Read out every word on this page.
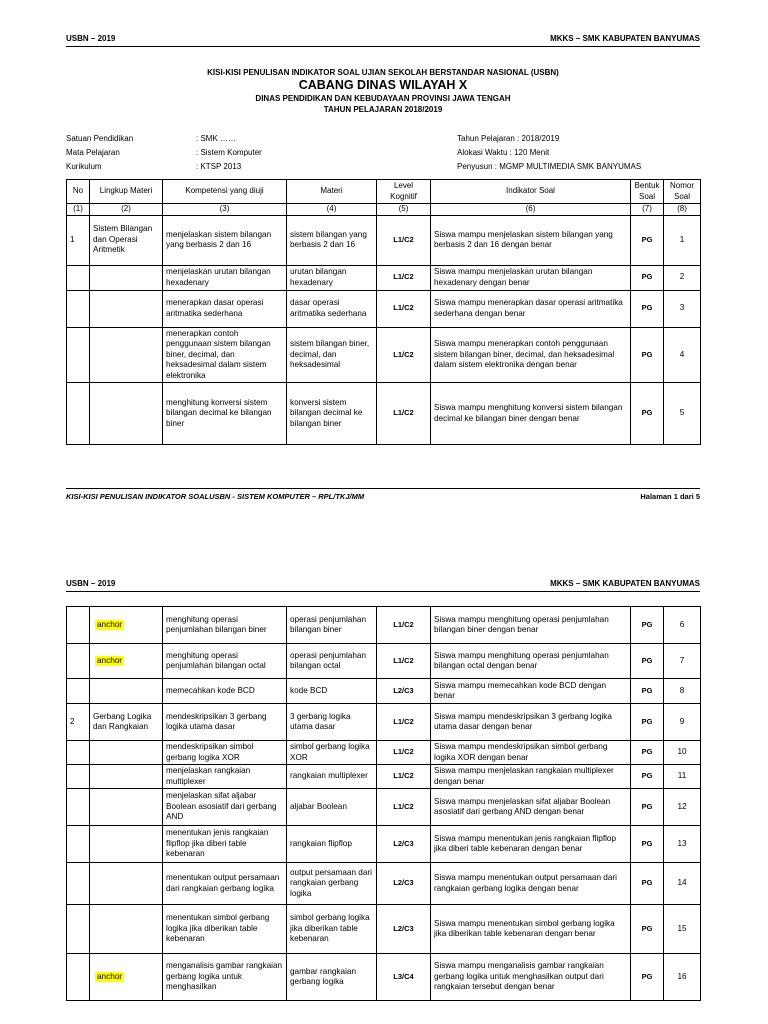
USBN – 2019	MKKS – SMK KABUPATEN BANYUMAS
KISI-KISI PENULISAN INDIKATOR SOAL UJIAN SEKOLAH BERSTANDAR NASIONAL (USBN)
CABANG DINAS WILAYAH X
DINAS PENDIDIKAN DAN KEBUDAYAAN PROVINSI JAWA TENGAH
TAHUN PELAJARAN 2018/2019
Satuan Pendidikan	: SMK ……
Mata Pelajaran	: Sistem Komputer
Kurikulum	: KTSP 2013
Tahun Pelajaran : 2018/2019
Alokasi Waktu : 120 Menit
Penyusun : MGMP MULTIMEDIA SMK BANYUMAS
No	Lingkup Materi	Kompetensi yang diuji	Materi	Level Kognitif	Indikator Soal	Bentuk Soal	Nomor Soal
(1)	(2)	(3)	(4)	(5)	(6)	(7)	(8)
1	Sistem Bilangan dan Operasi Aritmetik	menjelaskan sistem bilangan yang berbasis 2 dan 16	sistem bilangan yang berbasis 2 dan 16	L1/C2	Siswa mampu menjelaskan sistem bilangan yang berbasis 2 dan 16 dengan benar	PG	1
		menjelaskan urutan bilangan hexadenary	urutan bilangan hexadenary	L1/C2	Siswa mampu menjelaskan urutan bilangan hexadenary dengan benar	PG	2
		menerapkan dasar operasi aritmatika sederhana	dasar operasi aritmatika sederhana	L1/C2	Siswa mampu menerapkan dasar operasi aritmatika sederhana dengan benar	PG	3
		menerapkan contoh penggunaan sistem bilangan biner, decimal, dan heksadesimal dalam sistem elektronika	sistem bilangan biner, decimal, dan heksadesimal	L1/C2	Siswa mampu menerapkan contoh penggunaan sistem bilangan biner, decimal, dan heksadesimal dalam sistem elektronika dengan benar	PG	4
		menghitung konversi sistem bilangan decimal ke bilangan biner	konversi sistem bilangan decimal ke bilangan biner	L1/C2	Siswa mampu menghitung konversi sistem bilangan decimal ke bilangan biner dengan benar	PG	5
KISI-KISI PENULISAN INDIKATOR SOALUSBN - SISTEM KOMPUTER – RPL/TKJ/MM	Halaman 1 dari 5
USBN – 2019	MKKS – SMK KABUPATEN BANYUMAS
	anchor	menghitung operasi penjumlahan bilangan biner	operasi penjumlahan bilangan biner	L1/C2	Siswa mampu menghitung operasi penjumlahan bilangan biner dengan benar	PG	6
	anchor	menghitung operasi penjumlahan bilangan octal	operasi penjumlahan bilangan octal	L1/C2	Siswa mampu menghitung operasi penjumlahan bilangan octal dengan benar	PG	7
		memecahkan kode BCD	kode BCD	L2/C3	Siswa mampu memecahkan kode BCD dengan benar	PG	8
2	Gerbang Logika dan Rangkaian	mendeskripsikan 3 gerbang logika utama dasar	3 gerbang logika utama dasar	L1/C2	Siswa mampu mendeskripsikan 3 gerbang logika utama dasar dengan benar	PG	9
		mendeskripsikan simbol gerbang logika XOR	simbol gerbang logika XOR	L1/C2	Siswa mampu mendeskripsikan simbol gerbang logika XOR dengan benar	PG	10
		menjelaskan rangkaian multiplexer	rangkaian multiplexer	L1/C2	Siswa mampu menjelaskan rangkaian multiplexer dengan benar	PG	11
		menjelaskan sifat aljabar Boolean asosiatif dari gerbang AND	aljabar Boolean	L1/C2	Siswa mampu menjelaskan sifat aljabar Boolean asosiatif dari gerbang AND dengan benar	PG	12
		menentukan jenis rangkaian flipflop jika diberi table kebenaran	rangkaian flipflop	L2/C3	Siswa mampu menentukan jenis rangkaian flipflop jika diberi table kebenaran dengan benar	PG	13
		menentukan output persamaan dari rangkaian gerbang logika	output persamaan dari rangkaian gerbang logika	L2/C3	Siswa mampu menentukan output persamaan dari rangkaian gerbang logika dengan benar	PG	14
		menentukan simbol gerbang logika jika diberikan table kebenaran	simbol gerbang logika jika diberikan table kebenaran	L2/C3	Siswa mampu menentukan simbol gerbang logika jika diberikan table kebenaran dengan benar	PG	15
	anchor	menganalisis gambar rangkaian gerbang logika untuk menghasilkan	gambar rangkaian gerbang logika	L3/C4	Siswa mampu menganalisis gambar rangkaian gerbang logika untuk menghasilkan output dari rangkaian tersebut dengan benar	PG	16
